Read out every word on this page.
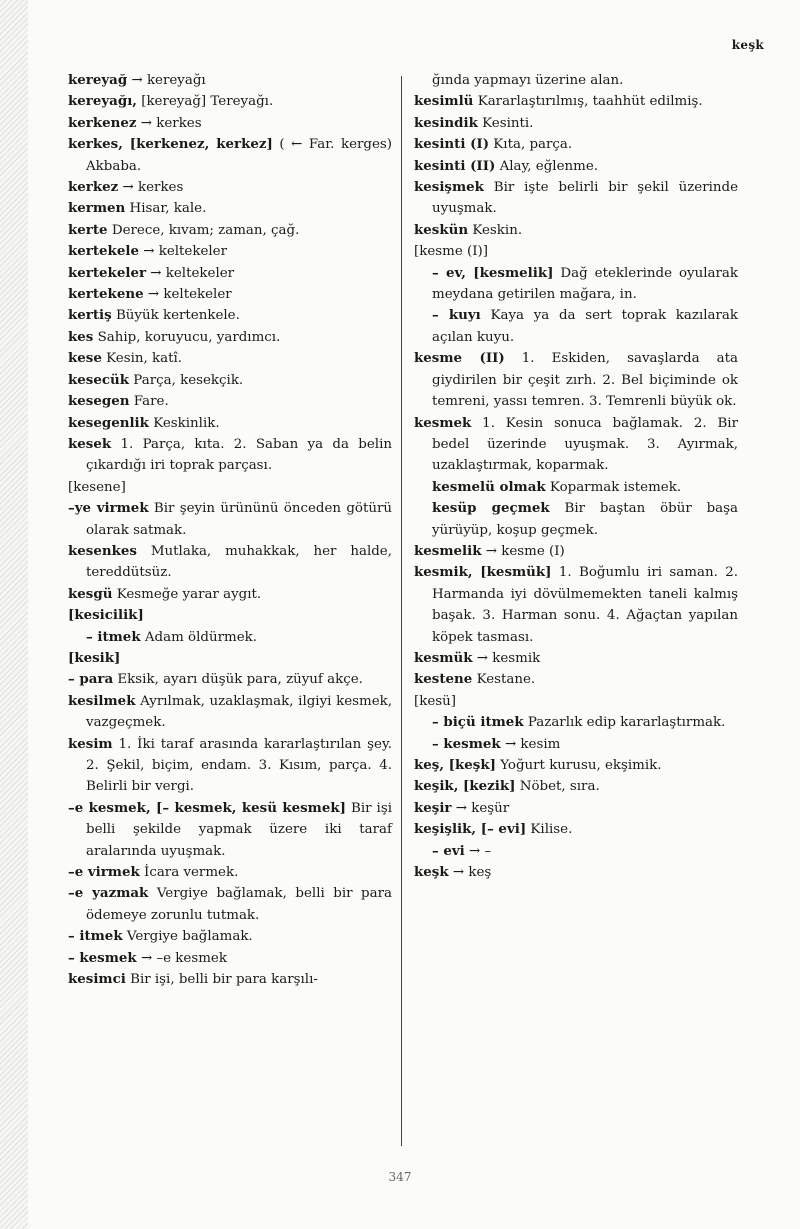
keşk

kereyağ → kereyağı

kereyağı, [kereyağ] Tereyağı.

kerkenez → kerkes

kerkes, [kerkenez, kerkez] ( ← Far. kerges) Akbaba.

kerkez → kerkes

kermen Hisar, kale.

kerte Derece, kıvam; zaman, çağ.

kertekele → keltekeler

kertekeler → keltekeler

kertekene → keltekeler

kertiş Büyük kertenkele.

kes Sahip, koruyucu, yardımcı.

kese Kesin, katî.

kesecük Parça, kesekçik.

kesegen Fare.

kesegenlik Keskinlik.

kesek 1. Parça, kıta. 2. Saban ya da belin çıkardığı iri toprak parçası.

[kesene]

–ye virmek Bir şeyin ürününü önceden götürü olarak satmak.

kesenkes Mutlaka, muhakkak, her halde, tereddütsüz.

kesgü Kesmeğe yarar aygıt.

[kesicilik]

– itmek Adam öldürmek.

[kesik]

– para Eksik, ayarı düşük para, züyuf akçe.

kesilmek Ayrılmak, uzaklaşmak, ilgiyi kesmek, vazgeçmek.

kesim 1. İki taraf arasında kararlaştırılan şey. 2. Şekil, biçim, endam. 3. Kısım, parça. 4. Belirli bir vergi.

–e kesmek, [– kesmek, kesü kesmek] Bir işi belli şekilde yapmak üzere iki taraf aralarında uyuşmak.

–e virmek İcara vermek.

–e yazmak Vergiye bağlamak, belli bir para ödemeye zorunlu tutmak.

– itmek Vergiye bağlamak.

– kesmek → –e kesmek

kesimci Bir işi, belli bir para karşılı-

ğında yapmayı üzerine alan.

kesimlü Kararlaştırılmış, taahhüt edilmiş.

kesindik Kesinti.

kesinti (I) Kıta, parça.

kesinti (II) Alay, eğlenme.

kesişmek Bir işte belirli bir şekil üzerinde uyuşmak.

keskün Keskin.

[kesme (I)]

– ev, [kesmelik] Dağ eteklerinde oyularak meydana getirilen mağara, in.

– kuyı Kaya ya da sert toprak kazılarak açılan kuyu.

kesme (II) 1. Eskiden, savaşlarda ata giydirilen bir çeşit zırh. 2. Bel biçiminde ok temreni, yassı temren. 3. Temrenli büyük ok.

kesmek 1. Kesin sonuca bağlamak. 2. Bir bedel üzerinde uyuşmak. 3. Ayırmak, uzaklaştırmak, koparmak.

kesmelü olmak Koparmak istemek.

kesüp geçmek Bir baştan öbür başa yürüyüp, koşup geçmek.

kesmelik → kesme (I)

kesmik, [kesmük] 1. Boğumlu iri saman. 2. Harmanda iyi dövülmemekten taneli kalmış başak. 3. Harman sonu. 4. Ağaçtan yapılan köpek tasması.

kesmük → kesmik

kestene Kestane.

[kesü]

– biçü itmek Pazarlık edip kararlaştırmak.

– kesmek → kesim

keş, [keşk] Yoğurt kurusu, ekşimik.

keşik, [kezik] Nöbet, sıra.

keşir → keşür

keşişlik, [– evi] Kilise.

– evi → –

keşk → keş

347
